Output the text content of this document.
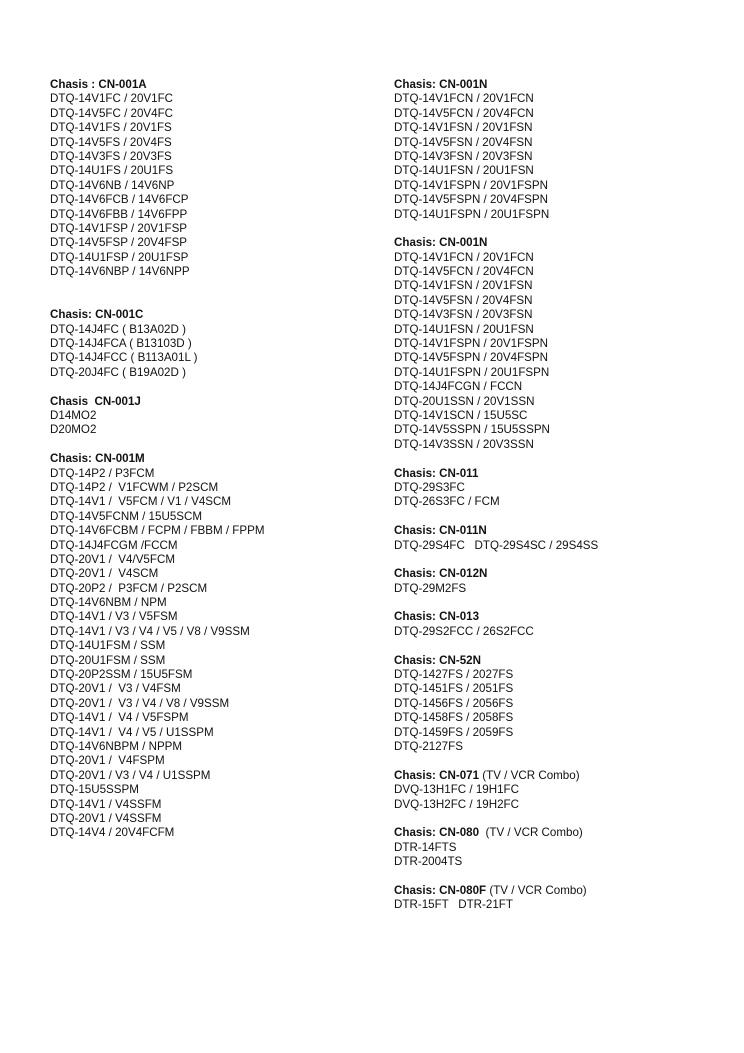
Chasis : CN-001A
DTQ-14V1FC / 20V1FC
DTQ-14V5FC / 20V4FC
DTQ-14V1FS / 20V1FS
DTQ-14V5FS / 20V4FS
DTQ-14V3FS / 20V3FS
DTQ-14U1FS / 20U1FS
DTQ-14V6NB / 14V6NP
DTQ-14V6FCB / 14V6FCP
DTQ-14V6FBB / 14V6FPP
DTQ-14V1FSP / 20V1FSP
DTQ-14V5FSP / 20V4FSP
DTQ-14U1FSP / 20U1FSP
DTQ-14V6NBP / 14V6NPP
Chasis: CN-001C
DTQ-14J4FC ( B13A02D )
DTQ-14J4FCA ( B13103D )
DTQ-14J4FCC ( B113A01L )
DTQ-20J4FC ( B19A02D )
Chasis  CN-001J
D14MO2
D20MO2
Chasis: CN-001M
DTQ-14P2 / P3FCM
DTQ-14P2 /  V1FCWM / P2SCM
DTQ-14V1 /  V5FCM / V1 / V4SCM
DTQ-14V5FCNM / 15U5SCM
DTQ-14V6FCBM / FCPM / FBBM / FPPM
DTQ-14J4FCGM /FCCM
DTQ-20V1 /  V4/V5FCM
DTQ-20V1 /  V4SCM
DTQ-20P2 /  P3FCM / P2SCM
DTQ-14V6NBM / NPM
DTQ-14V1 / V3 / V5FSM
DTQ-14V1 / V3 / V4 / V5 / V8 / V9SSM
DTQ-14U1FSM / SSM
DTQ-20U1FSM / SSM
DTQ-20P2SSM / 15U5FSM
DTQ-20V1 /  V3 / V4FSM
DTQ-20V1 /  V3 / V4 / V8 / V9SSM
DTQ-14V1 /  V4 / V5FSPM
DTQ-14V1 /  V4 / V5 / U1SSPM
DTQ-14V6NBPM / NPPM
DTQ-20V1 /  V4FSPM
DTQ-20V1 / V3 / V4 / U1SSPM
DTQ-15U5SSPM
DTQ-14V1 / V4SSFM
DTQ-20V1 / V4SSFM
DTQ-14V4 / 20V4FCFM
Chasis: CN-001N
DTQ-14V1FCN / 20V1FCN
DTQ-14V5FCN / 20V4FCN
DTQ-14V1FSN / 20V1FSN
DTQ-14V5FSN / 20V4FSN
DTQ-14V3FSN / 20V3FSN
DTQ-14U1FSN / 20U1FSN
DTQ-14V1FSPN / 20V1FSPN
DTQ-14V5FSPN / 20V4FSPN
DTQ-14U1FSPN / 20U1FSPN
Chasis: CN-001N
DTQ-14V1FCN / 20V1FCN
DTQ-14V5FCN / 20V4FCN
DTQ-14V1FSN / 20V1FSN
DTQ-14V5FSN / 20V4FSN
DTQ-14V3FSN / 20V3FSN
DTQ-14U1FSN / 20U1FSN
DTQ-14V1FSPN / 20V1FSPN
DTQ-14V5FSPN / 20V4FSPN
DTQ-14U1FSPN / 20U1FSPN
DTQ-14J4FCGN / FCCN
DTQ-20U1SSN / 20V1SSN
DTQ-14V1SCN / 15U5SC
DTQ-14V5SSPN / 15U5SSPN
DTQ-14V3SSN / 20V3SSN
Chasis: CN-011
DTQ-29S3FC
DTQ-26S3FC / FCM
Chasis: CN-011N
DTQ-29S4FC   DTQ-29S4SC / 29S4SS
Chasis: CN-012N
DTQ-29M2FS
Chasis: CN-013
DTQ-29S2FCC / 26S2FCC
Chasis: CN-52N
DTQ-1427FS / 2027FS
DTQ-1451FS / 2051FS
DTQ-1456FS / 2056FS
DTQ-1458FS / 2058FS
DTQ-1459FS / 2059FS
DTQ-2127FS
Chasis: CN-071 (TV / VCR Combo)
DVQ-13H1FC / 19H1FC
DVQ-13H2FC / 19H2FC
Chasis: CN-080  (TV / VCR Combo)
DTR-14FTS
DTR-2004TS
Chasis: CN-080F (TV / VCR Combo)
DTR-15FT   DTR-21FT
